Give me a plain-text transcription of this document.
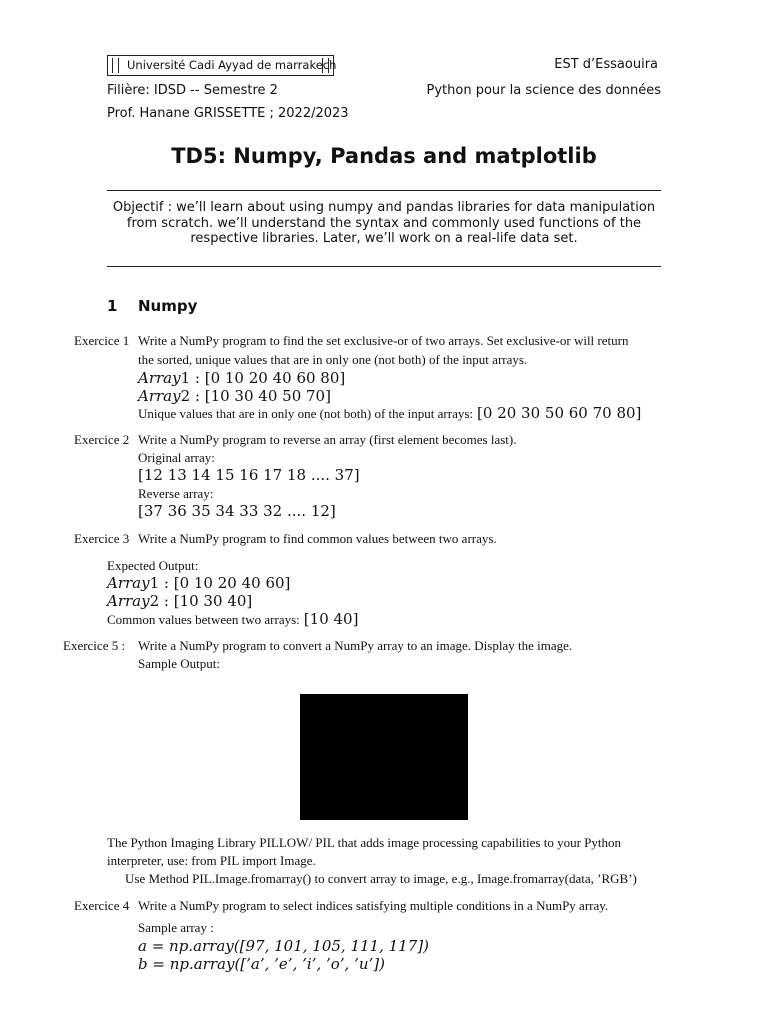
Université Cadi Ayyad de marrakech	EST d’Essaouira
Filière: IDSD -- Semestre 2	Python pour la science des données
Prof. Hanane GRISSETTE ; 2022/2023
TD5: Numpy, Pandas and matplotlib
Objectif : we’ll learn about using numpy and pandas libraries for data manipulation
from scratch. we’ll understand the syntax and commonly used functions of the
respective libraries. Later, we’ll work on a real-life data set.
1 Numpy
Exercice 1 Write a NumPy program to find the set exclusive-or of two arrays. Set exclusive-or will return
the sorted, unique values that are in only one (not both) of the input arrays.
Array1 : [0 10 20 40 60 80]
Array2 : [10 30 40 50 70]
Unique values that are in only one (not both) of the input arrays: [0 20 30 50 60 70 80]
Exercice 2 Write a NumPy program to reverse an array (first element becomes last).
Original array:
[12 13 14 15 16 17 18 .... 37]
Reverse array:
[37 36 35 34 33 32 .... 12]
Exercice 3 Write a NumPy program to find common values between two arrays.
Expected Output:
Array1 : [0 10 20 40 60]
Array2 : [10 30 40]
Common values between two arrays: [10 40]
Exercice 5 : Write a NumPy program to convert a NumPy array to an image. Display the image.
Sample Output:
The Python Imaging Library PILLOW/ PIL that adds image processing capabilities to your Python
interpreter, use: from PIL import Image.
Use Method PIL.Image.fromarray() to convert array to image, e.g., Image.fromarray(data, ’RGB’)
Exercice 4 Write a NumPy program to select indices satisfying multiple conditions in a NumPy array.
Sample array :
a = np.array([97, 101, 105, 111, 117])
b = np.array([’a’, ’e’, ’i’, ’o’, ’u’])
